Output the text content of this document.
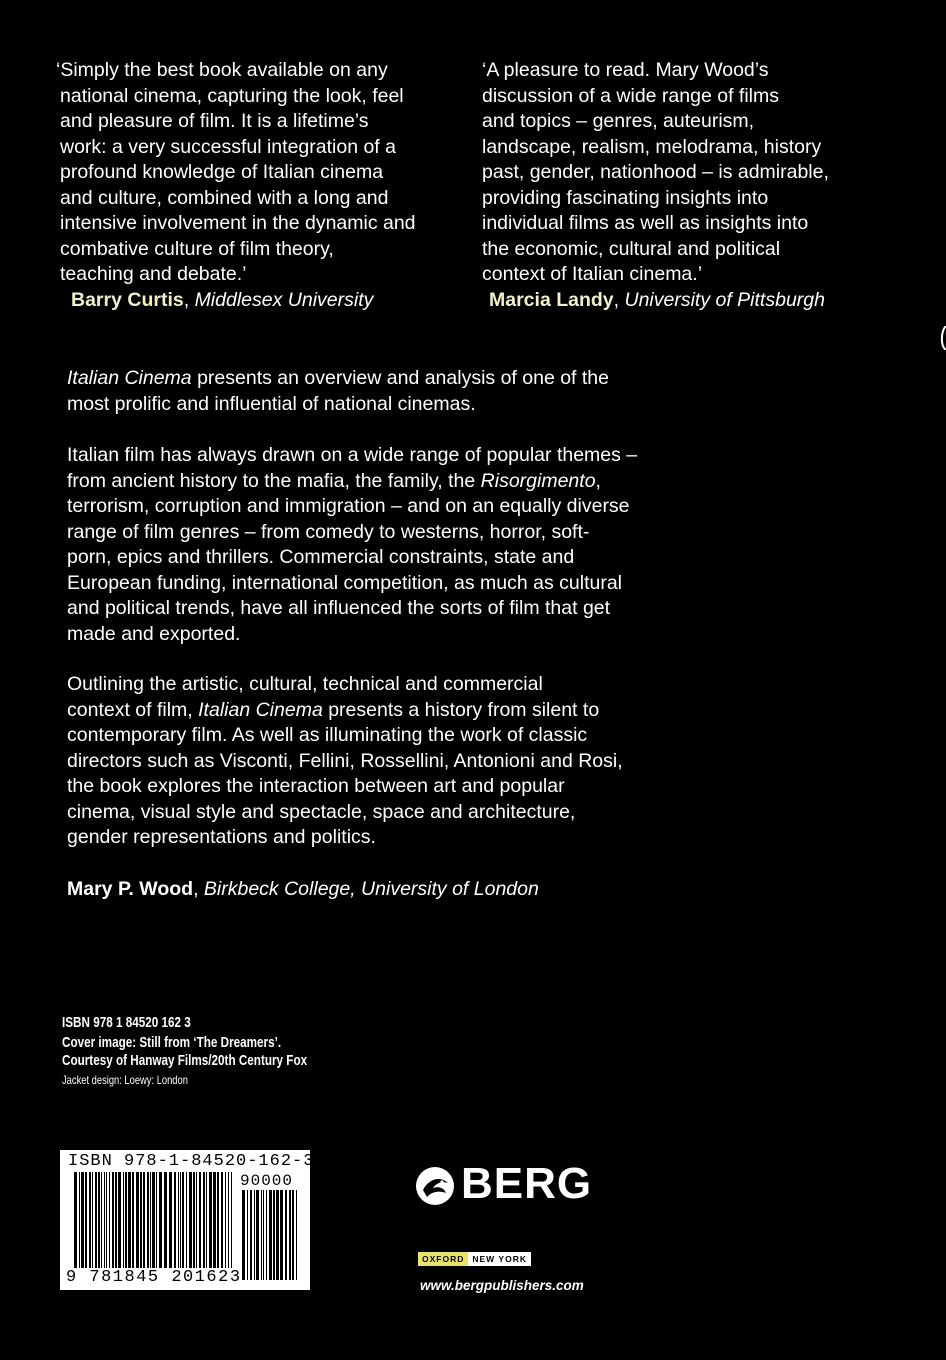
‘Simply the best book available on any
national cinema, capturing the look, feel
and pleasure of film. It is a lifetime’s
work: a very successful integration of a
profound knowledge of Italian cinema
and culture, combined with a long and
intensive involvement in the dynamic and
combative culture of film theory,
teaching and debate.’

Barry Curtis, Middlesex University

‘A pleasure to read. Mary Wood’s
discussion of a wide range of films
and topics – genres, auteurism,
landscape, realism, melodrama, history
past, gender, nationhood – is admirable,
providing fascinating insights into
individual films as well as insights into
the economic, cultural and political
context of Italian cinema.’

Marcia Landy, University of Pittsburgh

Italian Cinema presents an overview and analysis of one of the
most prolific and influential of national cinemas.

Italian film has always drawn on a wide range of popular themes –
from ancient history to the mafia, the family, the Risorgimento,
terrorism, corruption and immigration – and on an equally diverse
range of film genres – from comedy to westerns, horror, soft-
porn, epics and thrillers. Commercial constraints, state and
European funding, international competition, as much as cultural
and political trends, have all influenced the sorts of film that get
made and exported.

Outlining the artistic, cultural, technical and commercial
context of film, Italian Cinema presents a history from silent to
contemporary film. As well as illuminating the work of classic
directors such as Visconti, Fellini, Rossellini, Antonioni and Rosi,
the book explores the interaction between art and popular
cinema, visual style and spectacle, space and architecture,
gender representations and politics.

Mary P. Wood, Birkbeck College, University of London
ISBN 978 1 84520 162 3
Cover image: Still from ‘The Dreamers’.
Courtesy of Hanway Films/20th Century Fox
Jacket design: Loewy: London
ISBN 978-1-84520-162-3
90000
9 781845 201623
BERG
OXFORD NEW YORK
www.bergpublishers.com
